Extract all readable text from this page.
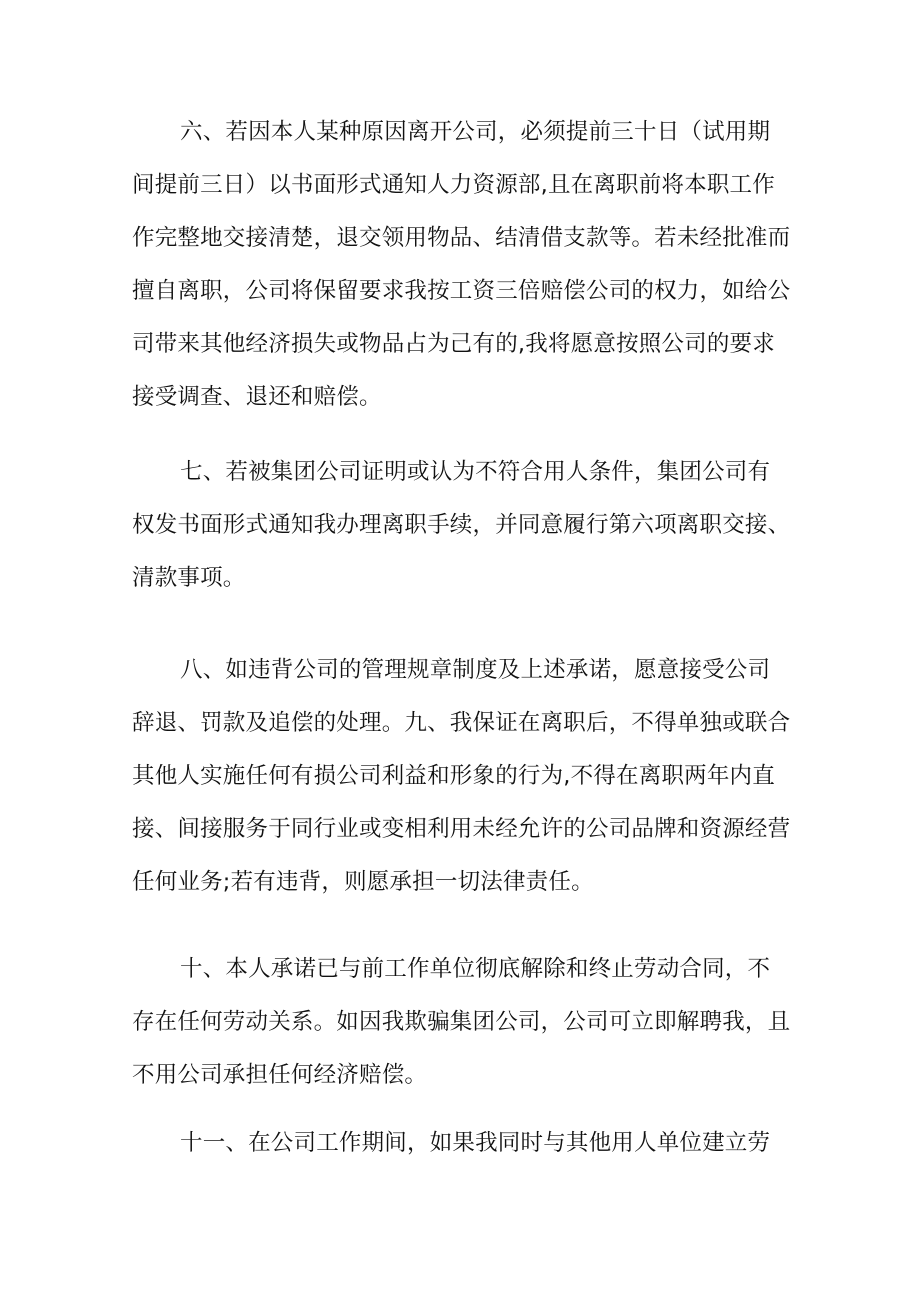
六、若因本人某种原因离开公司，必须提前三十日（试用期
间提前三日）以书面形式通知人力资源部,且在离职前将本职工作
作完整地交接清楚，退交领用物品、结清借支款等。若未经批准而
擅自离职，公司将保留要求我按工资三倍赔偿公司的权力，如给公
司带来其他经济损失或物品占为己有的,我将愿意按照公司的要求
接受调查、退还和赔偿。
七、若被集团公司证明或认为不符合用人条件，集团公司有
权发书面形式通知我办理离职手续，并同意履行第六项离职交接、
清款事项。
八、如违背公司的管理规章制度及上述承诺，愿意接受公司
辞退、罚款及追偿的处理。九、我保证在离职后，不得单独或联合
其他人实施任何有损公司利益和形象的行为,不得在离职两年内直
接、间接服务于同行业或变相利用未经允许的公司品牌和资源经营
任何业务;若有违背，则愿承担一切法律责任。
十、本人承诺已与前工作单位彻底解除和终止劳动合同，不
存在任何劳动关系。如因我欺骗集团公司，公司可立即解聘我，且
不用公司承担任何经济赔偿。
十一、在公司工作期间，如果我同时与其他用人单位建立劳
